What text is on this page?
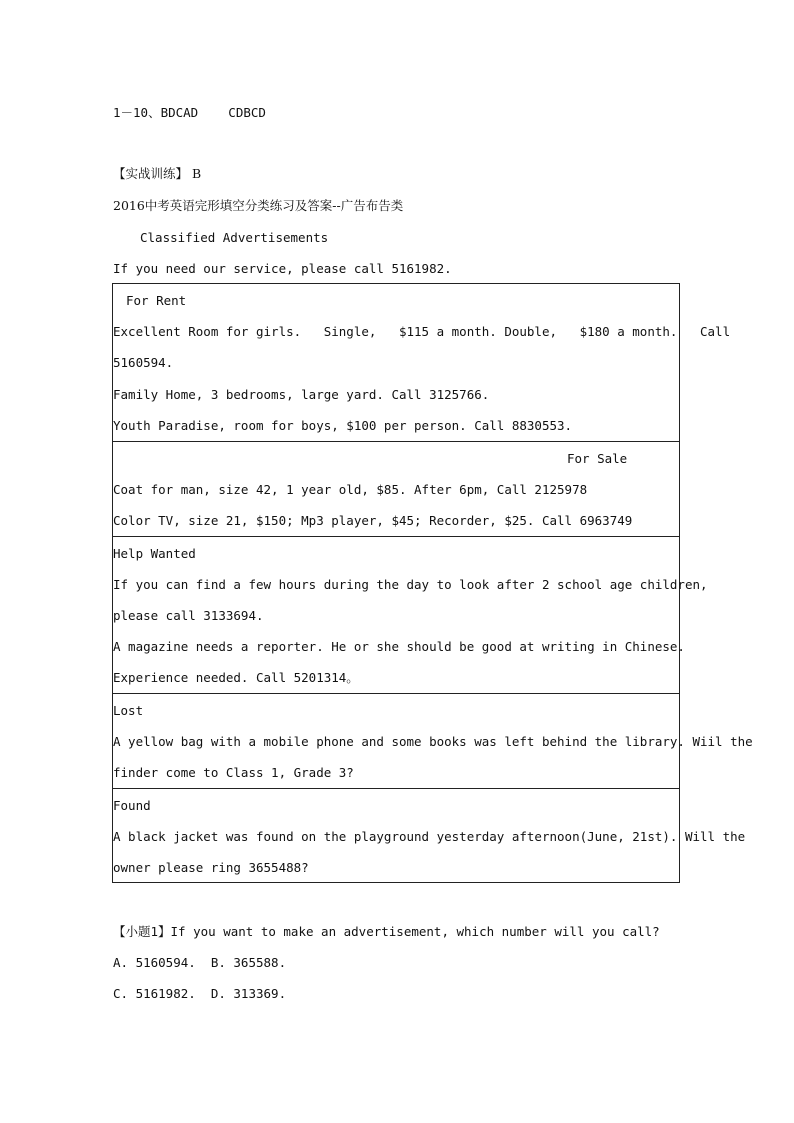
1－10、BDCAD    CDBCD
【实战训练】 B
2016中考英语完形填空分类练习及答案--广告布告类
Classified Advertisements
If you need our service, please call 5161982.
For Rent
Excellent Room for girls.   Single,   $115 a month. Double,   $180 a month.   Call
5160594.
Family Home, 3 bedrooms, large yard. Call 3125766.
Youth Paradise, room for boys, $100 per person. Call 8830553.
For Sale
Coat for man, size 42, 1 year old, $85. After 6pm, Call 2125978
Color TV, size 21, $150; Mp3 player, $45; Recorder, $25. Call 6963749
Help Wanted
If you can find a few hours during the day to look after 2 school age children,
please call 3133694.
A magazine needs a reporter. He or she should be good at writing in Chinese.
Experience needed. Call 5201314。
Lost
A yellow bag with a mobile phone and some books was left behind the library. Wiil the
finder come to Class 1, Grade 3?
Found
A black jacket was found on the playground yesterday afternoon(June, 21st). Will the
owner please ring 3655488?
【小题1】If you want to make an advertisement, which number will you call?
A. 5160594.  B. 365588.
C. 5161982.  D. 313369.
